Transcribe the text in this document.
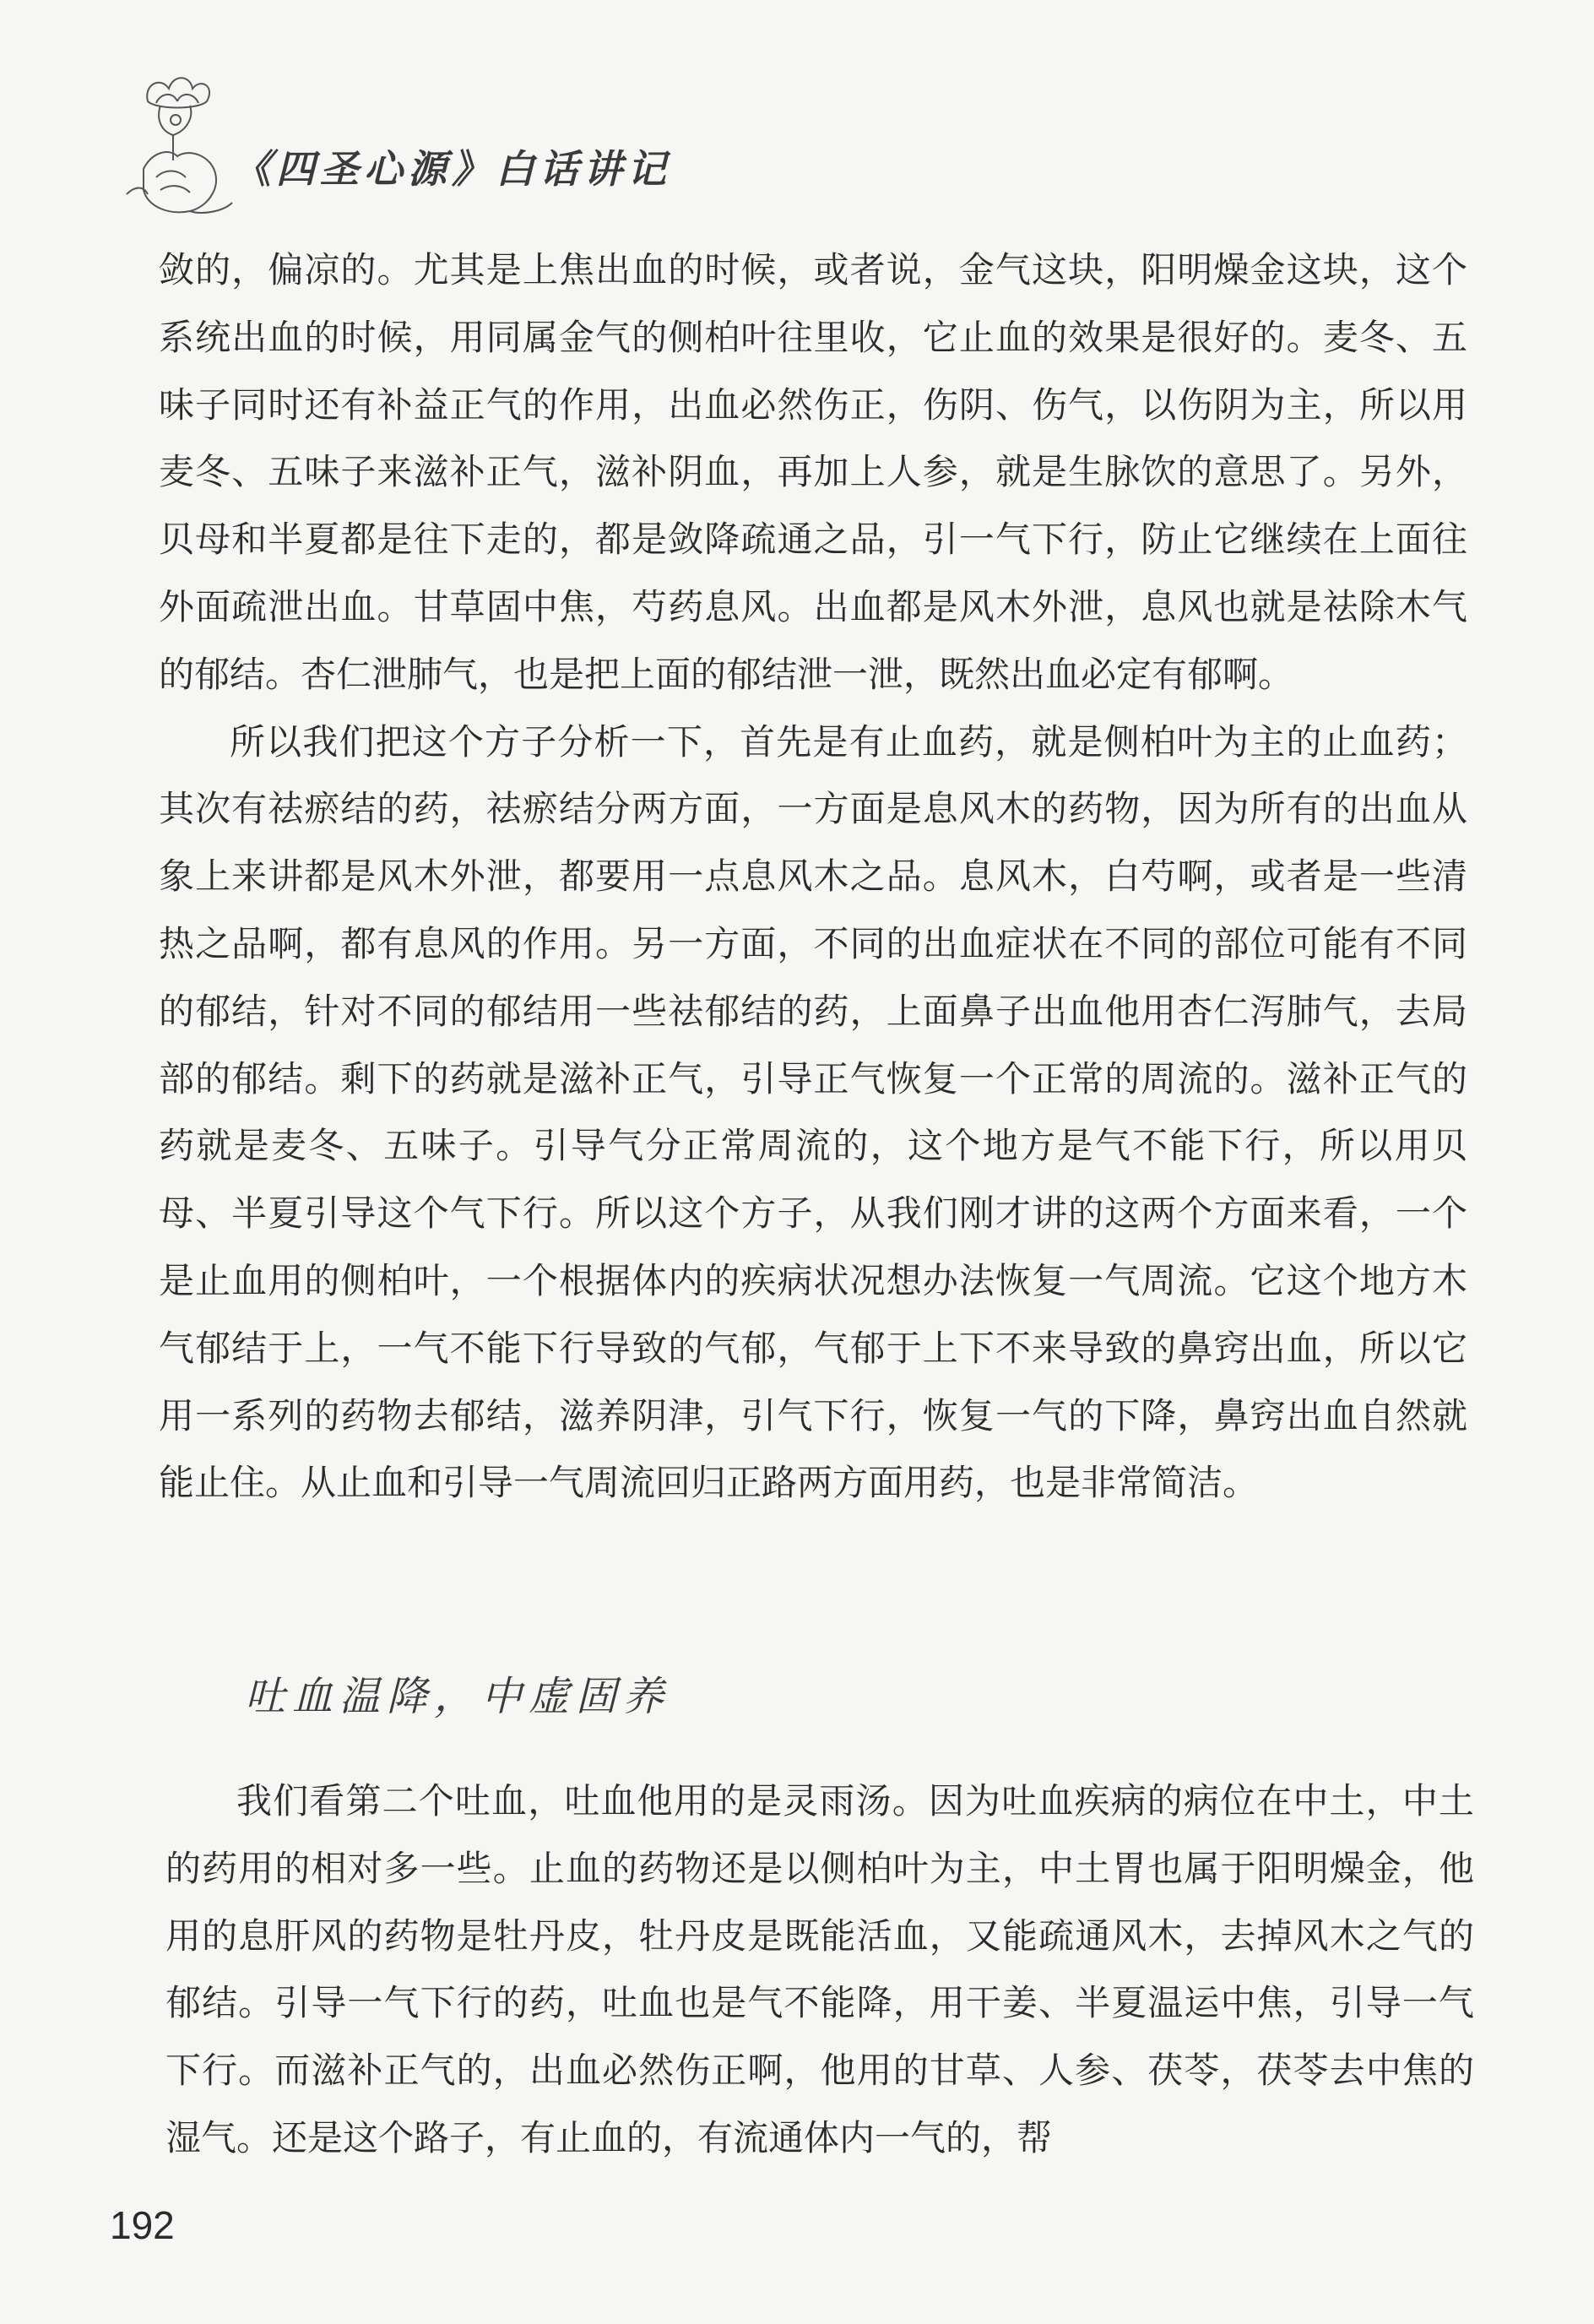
《四圣心源》白话讲记

敛的，偏凉的。尤其是上焦出血的时候，或者说，金气这块，阳明燥金这块，这个系统出血的时候，用同属金气的侧柏叶往里收，它止血的效果是很好的。麦冬、五味子同时还有补益正气的作用，出血必然伤正，伤阴、伤气，以伤阴为主，所以用麦冬、五味子来滋补正气，滋补阴血，再加上人参，就是生脉饮的意思了。另外，贝母和半夏都是往下走的，都是敛降疏通之品，引一气下行，防止它继续在上面往外面疏泄出血。甘草固中焦，芍药息风。出血都是风木外泄，息风也就是祛除木气的郁结。杏仁泄肺气，也是把上面的郁结泄一泄，既然出血必定有郁啊。

所以我们把这个方子分析一下，首先是有止血药，就是侧柏叶为主的止血药；其次有祛瘀结的药，祛瘀结分两方面，一方面是息风木的药物，因为所有的出血从象上来讲都是风木外泄，都要用一点息风木之品。息风木，白芍啊，或者是一些清热之品啊，都有息风的作用。另一方面，不同的出血症状在不同的部位可能有不同的郁结，针对不同的郁结用一些祛郁结的药，上面鼻子出血他用杏仁泻肺气，去局部的郁结。剩下的药就是滋补正气，引导正气恢复一个正常的周流的。滋补正气的药就是麦冬、五味子。引导气分正常周流的，这个地方是气不能下行，所以用贝母、半夏引导这个气下行。所以这个方子，从我们刚才讲的这两个方面来看，一个是止血用的侧柏叶，一个根据体内的疾病状况想办法恢复一气周流。它这个地方木气郁结于上，一气不能下行导致的气郁，气郁于上下不来导致的鼻窍出血，所以它用一系列的药物去郁结，滋养阴津，引气下行，恢复一气的下降，鼻窍出血自然就能止住。从止血和引导一气周流回归正路两方面用药，也是非常简洁。

吐血温降，中虚固养

我们看第二个吐血，吐血他用的是灵雨汤。因为吐血疾病的病位在中土，中土的药用的相对多一些。止血的药物还是以侧柏叶为主，中土胃也属于阳明燥金，他用的息肝风的药物是牡丹皮，牡丹皮是既能活血，又能疏通风木，去掉风木之气的郁结。引导一气下行的药，吐血也是气不能降，用干姜、半夏温运中焦，引导一气下行。而滋补正气的，出血必然伤正啊，他用的甘草、人参、茯苓，茯苓去中焦的湿气。还是这个路子，有止血的，有流通体内一气的，帮

192
